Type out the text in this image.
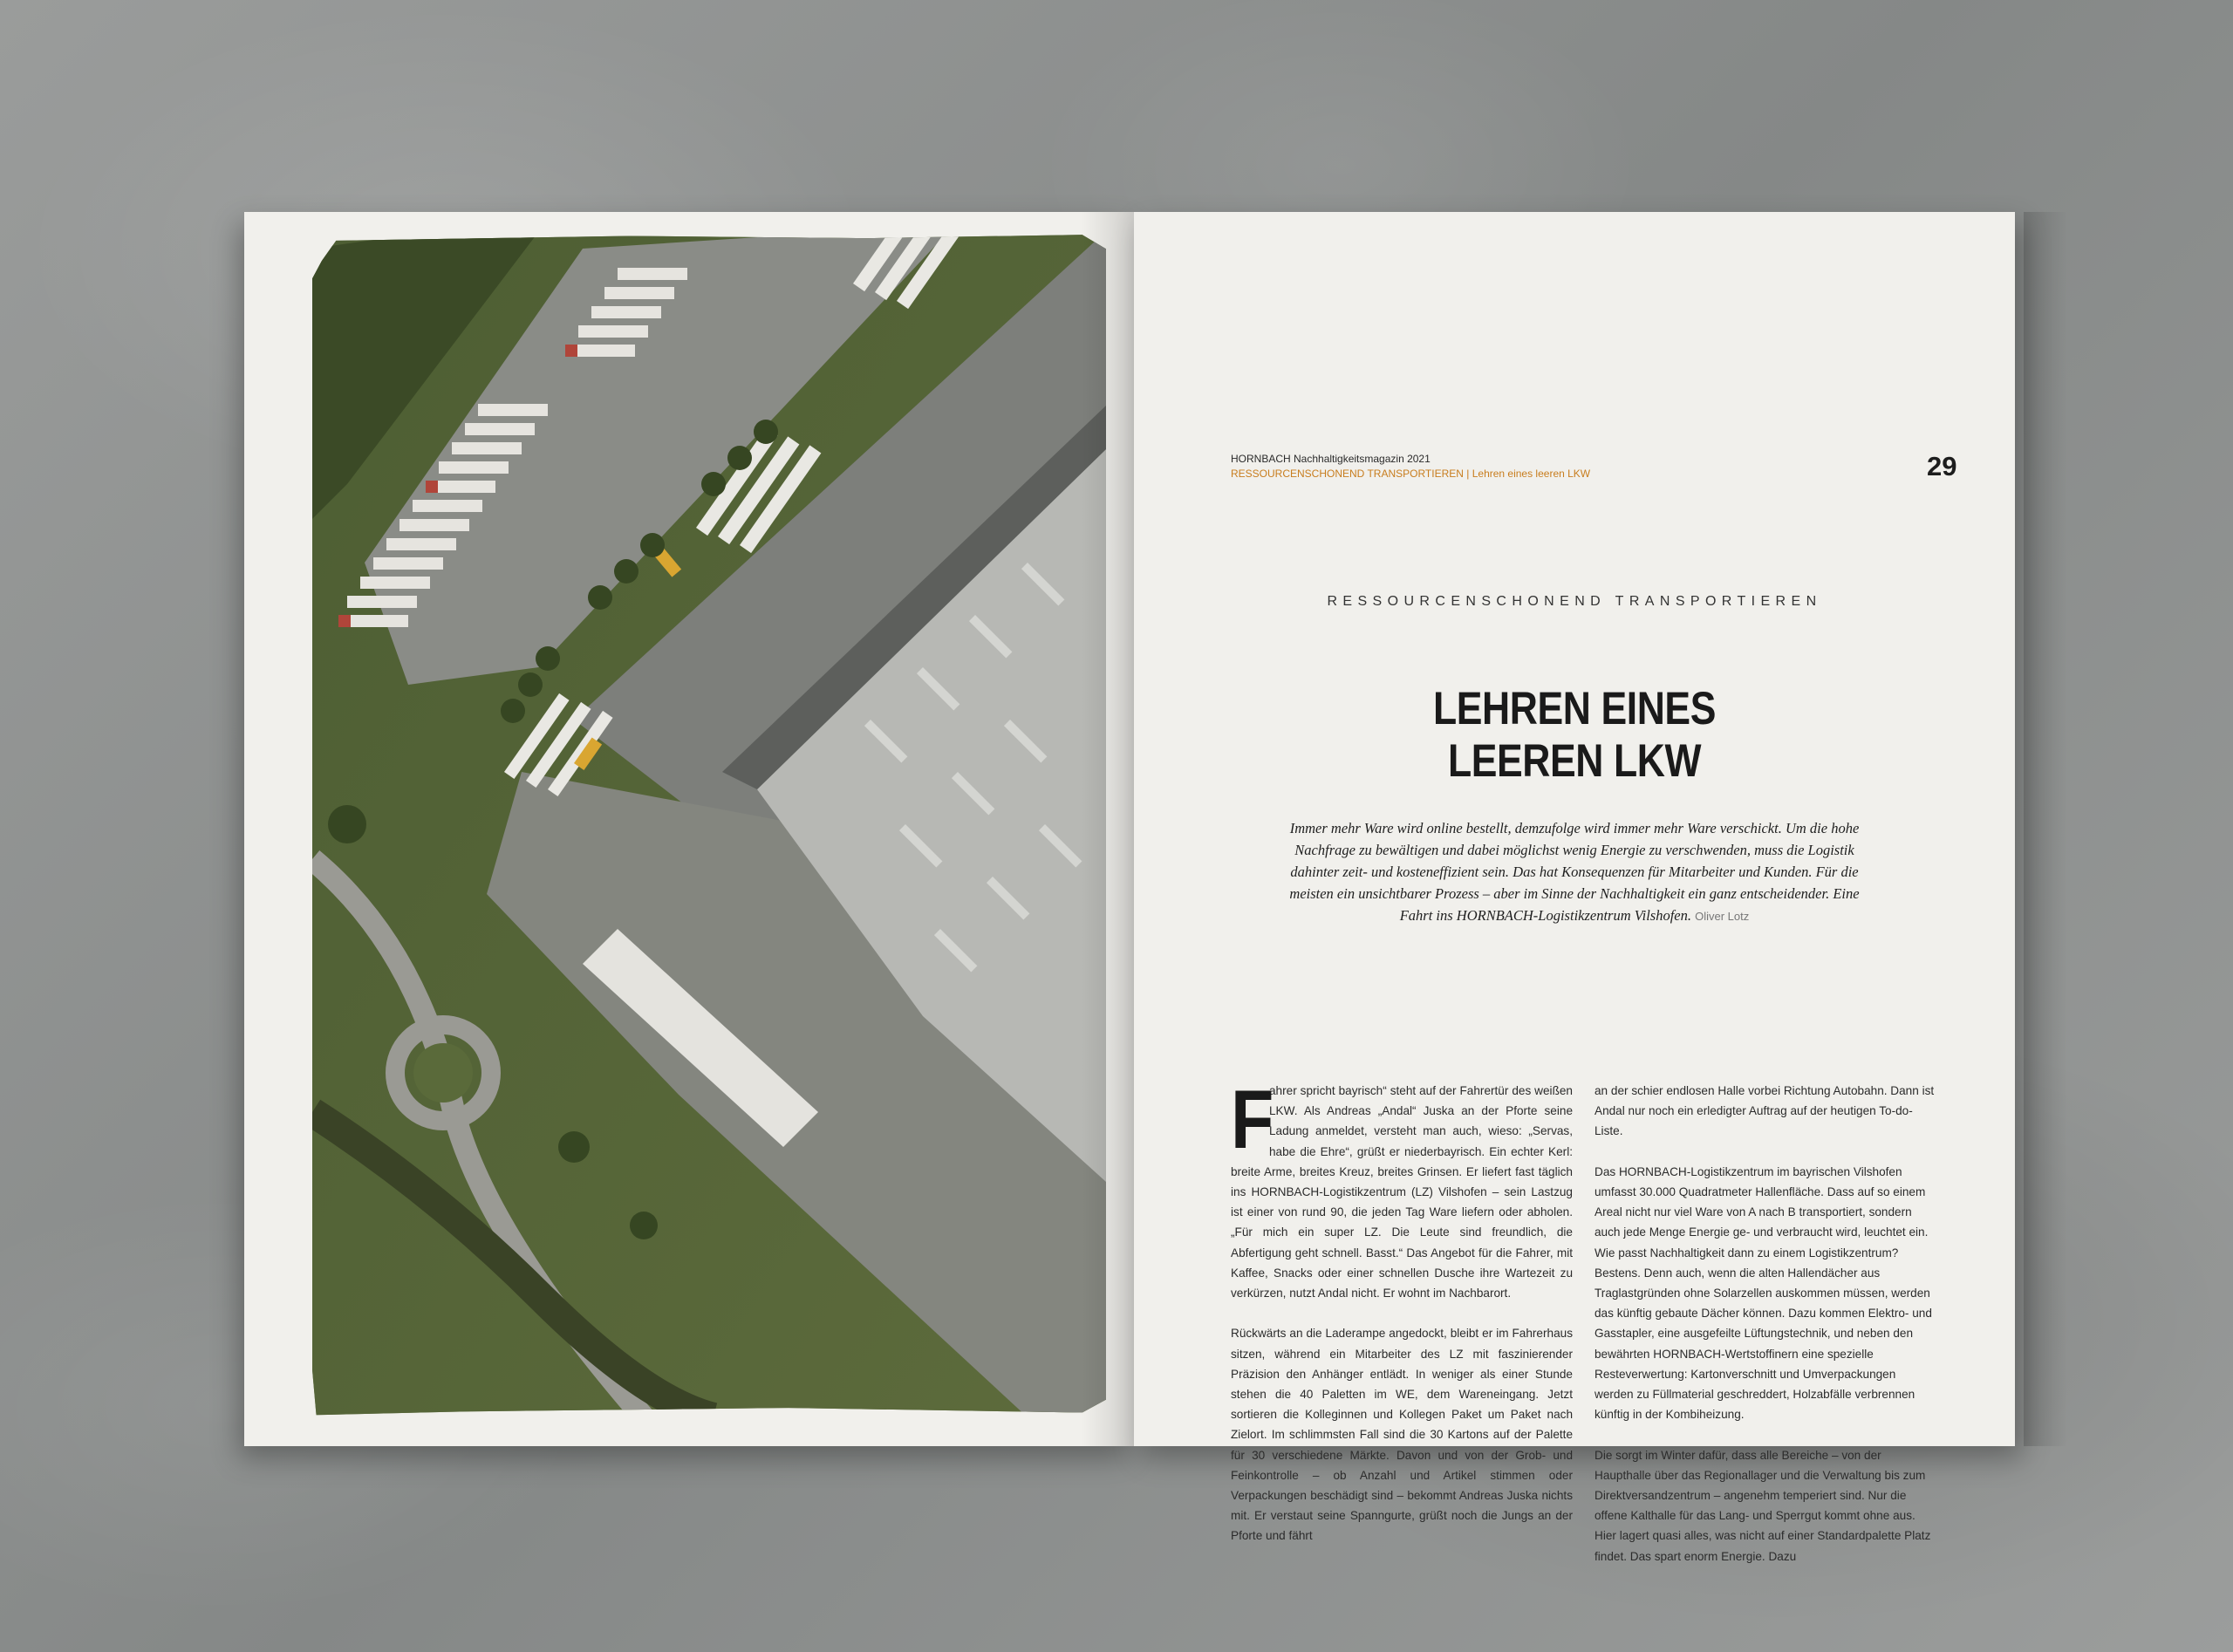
HORNBACH Nachhaltigkeitsmagazin 2021
RESSOURCENSCHONEND TRANSPORTIEREN | Lehren eines leeren LKW	29
RESSOURCENSCHONEND TRANSPORTIEREN
LEHREN EINES
LEEREN LKW
Immer mehr Ware wird online bestellt, demzufolge wird immer mehr Ware verschickt. Um die hohe Nachfrage zu bewältigen und dabei möglichst wenig Energie zu verschwenden, muss die Logistik dahinter zeit- und kosteneffizient sein. Das hat Konsequenzen für Mitarbeiter und Kunden. Für die meisten ein unsichtbarer Prozess – aber im Sinne der Nachhaltigkeit ein ganz entscheidender. Eine Fahrt ins HORNBACH-Logistikzentrum Vilshofen. Oliver Lotz

F
ahrer spricht bayrisch“ steht auf der Fahrertür des weißen LKW. Als Andreas „Andal“ Juska an der Pforte seine Ladung anmeldet, versteht man auch, wieso: „Servas, habe die Ehre“, grüßt er niederbayrisch. Ein echter Kerl: breite Arme, breites Kreuz, breites Grinsen. Er liefert fast täglich ins HORNBACH-Logistikzentrum (LZ) Vilshofen – sein Lastzug ist einer von rund 90, die jeden Tag Ware liefern oder abholen. „Für mich ein super LZ. Die Leute sind freundlich, die Abfertigung geht schnell. Basst.“ Das Angebot für die Fahrer, mit Kaffee, Snacks oder einer schnellen Dusche ihre Wartezeit zu verkürzen, nutzt Andal nicht. Er wohnt im Nachbarort.

Rückwärts an die Laderampe angedockt, bleibt er im Fahrerhaus sitzen, während ein Mitarbeiter des LZ mit faszinierender Präzision den Anhänger entlädt. In weniger als einer Stunde stehen die 40 Paletten im WE, dem Wareneingang. Jetzt sortieren die Kolleginnen und Kollegen Paket um Paket nach Zielort. Im schlimmsten Fall sind die 30 Kartons auf der Palette für 30 verschiedene Märkte. Davon und von der Grob- und Feinkontrolle – ob Anzahl und Artikel stimmen oder Verpackungen beschädigt sind – bekommt Andreas Juska nichts mit. Er verstaut seine Spanngurte, grüßt noch die Jungs an der Pforte und fährt

an der schier endlosen Halle vorbei Richtung Autobahn. Dann ist Andal nur noch ein erledigter Auftrag auf der heutigen To-do-Liste.

Das HORNBACH-Logistikzentrum im bayrischen Vilshofen umfasst 30.000 Quadratmeter Hallenfläche. Dass auf so einem Areal nicht nur viel Ware von A nach B transportiert, sondern auch jede Menge Energie ge- und verbraucht wird, leuchtet ein. Wie passt Nachhaltigkeit dann zu einem Logistikzentrum? Bestens. Denn auch, wenn die alten Hallendächer aus Traglastgründen ohne Solarzellen auskommen müssen, werden das künftig gebaute Dächer können. Dazu kommen Elektro- und Gasstapler, eine ausgefeilte Lüftungstechnik, und neben den bewährten HORNBACH-Wertstoffinern eine spezielle Resteverwertung: Kartonverschnitt und Umverpackungen werden zu Füllmaterial geschreddert, Holzabfälle verbrennen künftig in der Kombiheizung.

Die sorgt im Winter dafür, dass alle Bereiche – von der Haupthalle über das Regionallager und die Verwaltung bis zum Direktversandzentrum – angenehm temperiert sind. Nur die offene Kalthalle für das Lang- und Sperrgut kommt ohne aus. Hier lagert quasi alles, was nicht auf einer Standardpalette Platz findet. Das spart enorm Energie. Dazu
